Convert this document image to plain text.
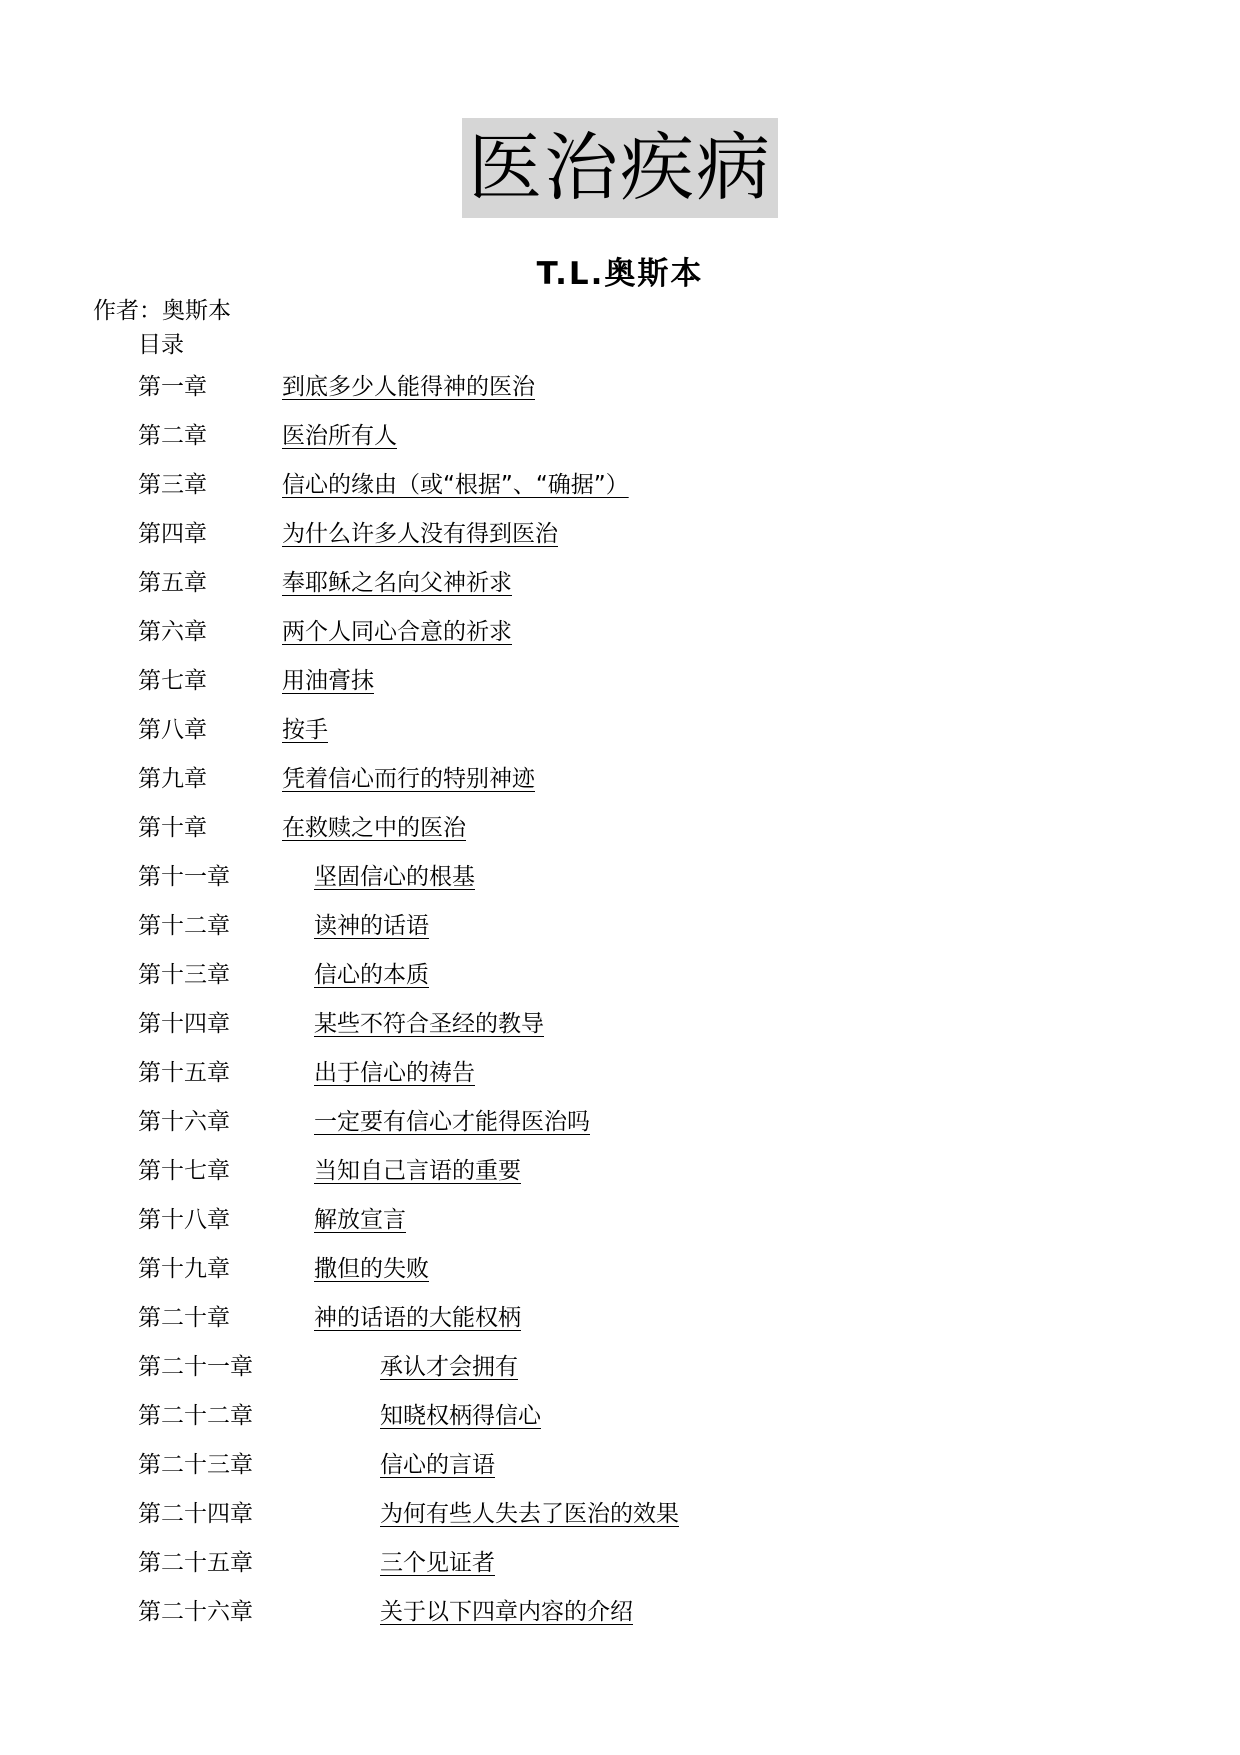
医治疾病
T.L.奥斯本
作者：奥斯本
目录
第一章	到底多少人能得神的医治
第二章	医治所有人
第三章	信心的缘由（或“根据”、“确据”）
第四章	为什么许多人没有得到医治
第五章	奉耶稣之名向父神祈求
第六章	两个人同心合意的祈求
第七章	用油膏抹
第八章	按手
第九章	凭着信心而行的特别神迹
第十章	在救赎之中的医治
第十一章	坚固信心的根基
第十二章	读神的话语
第十三章	信心的本质
第十四章	某些不符合圣经的教导
第十五章	出于信心的祷告
第十六章	一定要有信心才能得医治吗
第十七章	当知自己言语的重要
第十八章	解放宣言
第十九章	撒但的失败
第二十章	神的话语的大能权柄
第二十一章	承认才会拥有
第二十二章	知晓权柄得信心
第二十三章	信心的言语
第二十四章	为何有些人失去了医治的效果
第二十五章	三个见证者
第二十六章	关于以下四章内容的介绍
